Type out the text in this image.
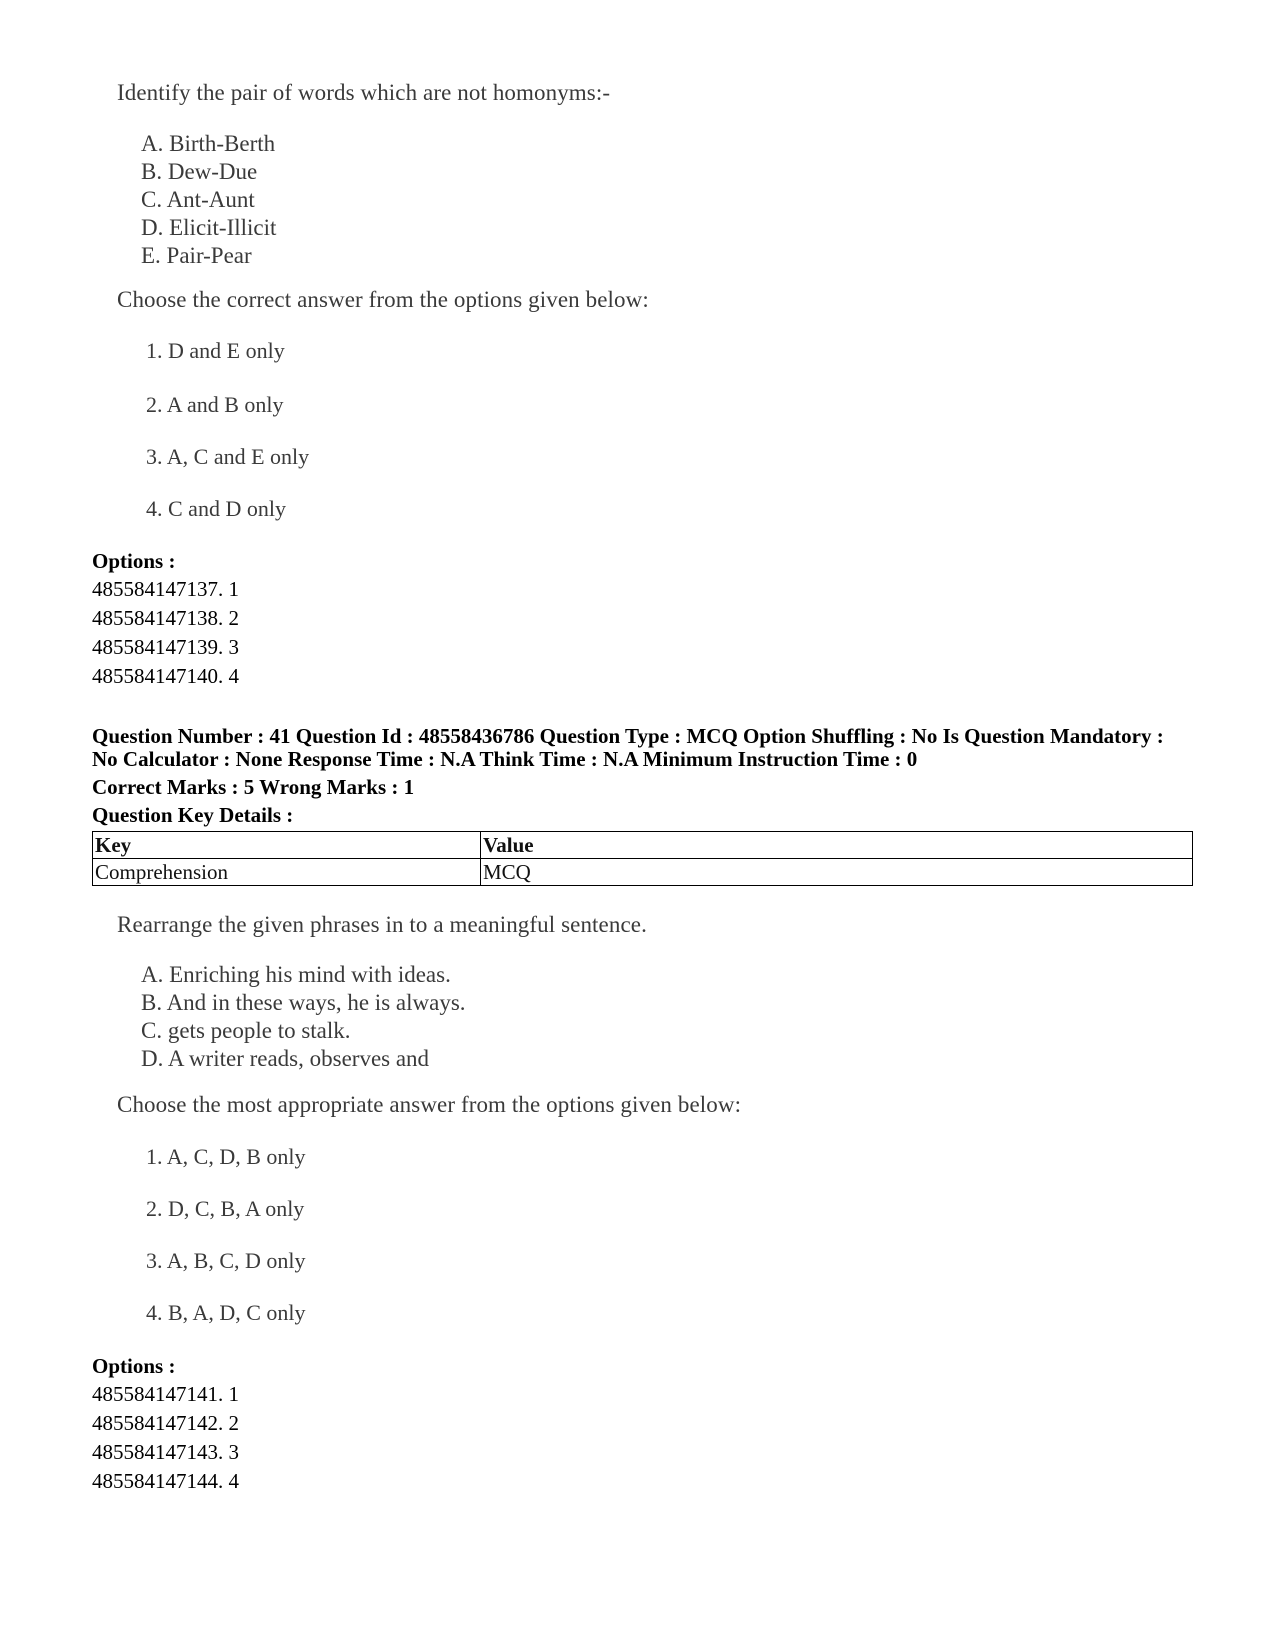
Identify the pair of words which are not homonyms:-
A. Birth-Berth
B. Dew-Due
C. Ant-Aunt
D. Elicit-Illicit
E. Pair-Pear
Choose the correct answer from the options given below:
1. D and E only
2. A and B only
3. A, C and E only
4. C and D only
Options :
485584147137. 1
485584147138. 2
485584147139. 3
485584147140. 4
Question Number : 41 Question Id : 48558436786 Question Type : MCQ Option Shuffling : No Is Question Mandatory :
No Calculator : None Response Time : N.A Think Time : N.A Minimum Instruction Time : 0
Correct Marks : 5 Wrong Marks : 1
Question Key Details :
Key	Value
Comprehension	MCQ
Rearrange the given phrases in to a meaningful sentence.
A. Enriching his mind with ideas.
B. And in these ways, he is always.
C. gets people to stalk.
D. A writer reads, observes and
Choose the most appropriate answer from the options given below:
1. A, C, D, B only
2. D, C, B, A only
3. A, B, C, D only
4. B, A, D, C only
Options :
485584147141. 1
485584147142. 2
485584147143. 3
485584147144. 4
